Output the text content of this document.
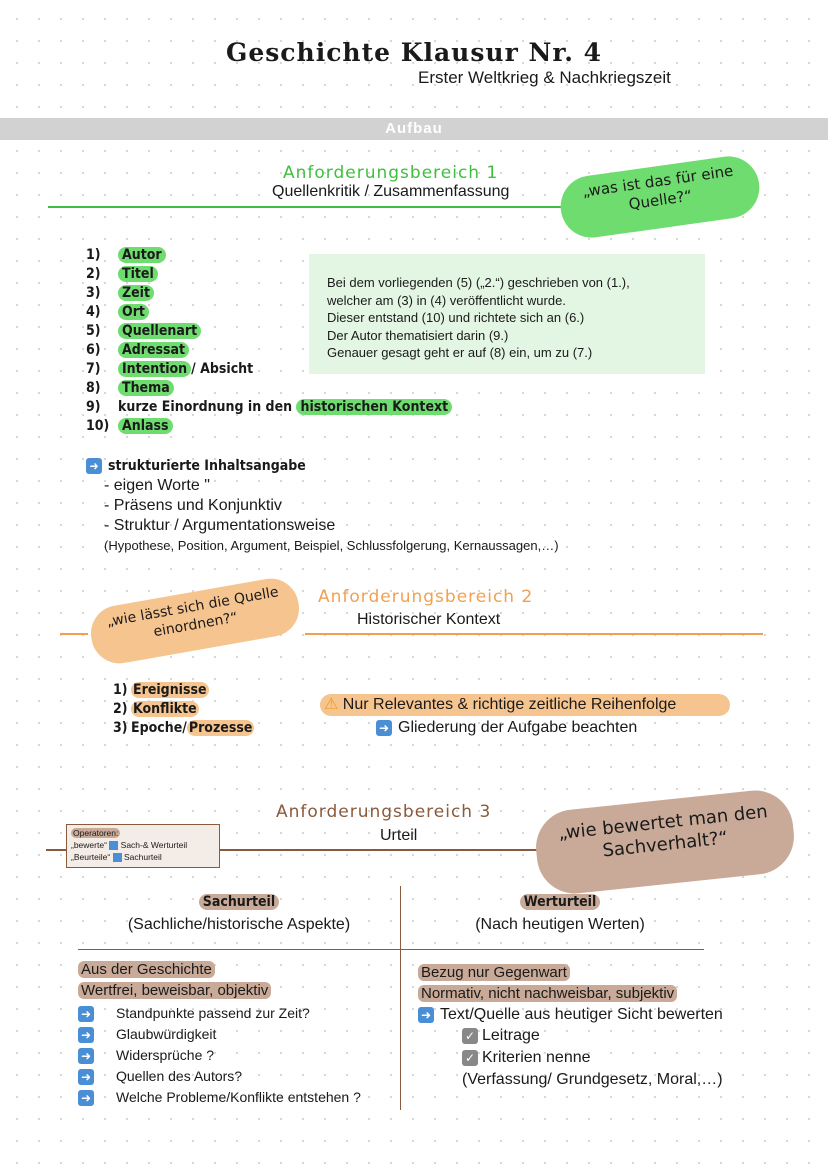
Geschichte Klausur Nr. 4
Erster Weltkrieg & Nachkriegszeit
Aufbau
Anforderungsbereich 1
Quellenkritik / Zusammenfassung	„was ist das für eine Quelle?“
1) Autor
2) Titel
3) Zeit
4) Ort
5) Quellenart
6) Adressat
7) Intention / Absicht
8) Thema
9) kurze Einordnung in den historischen Kontext
10) Anlass
Bei dem vorliegenden (5) („2.“) geschrieben von (1.),
welcher am (3) in (4) veröffentlicht wurde.
Dieser entstand (10) und richtete sich an (6.)
Der Autor thematisiert darin (9.)
Genauer gesagt geht er auf (8) ein, um zu (7.)
➜ strukturierte Inhaltsangabe
- eigen Worte "
- Präsens und Konjunktiv
- Struktur / Argumentationsweise
(Hypothese, Position, Argument, Beispiel, Schlussfolgerung, Kernaussagen,…)
Anforderungsbereich 2
Historischer Kontext
„wie lässt sich die Quelle einordnen?“
1) Ereignisse
2) Konflikte
3) Epoche/ Prozesse
⚠ Nur Relevantes & richtige zeitliche Reihenfolge
➜ Gliederung der Aufgabe beachten
Anforderungsbereich 3
Urteil	„wie bewertet man den Sachverhalt?“
Operatoren:
„bewerte“ Sach-& Werturteil
„Beurteile“ Sachurteil
Sachurteil
(Sachliche/historische Aspekte)
Werturteil
(Nach heutigen Werten)
Aus der Geschichte
Wertfrei, beweisbar, objektiv
➜ Standpunkte passend zur Zeit?
➜ Glaubwürdigkeit
➜ Widersprüche ?
➜ Quellen des Autors?
➜ Welche Probleme/Konflikte entstehen ?
Bezug nur Gegenwart
Normativ, nicht nachweisbar, subjektiv
➜ Text/Quelle aus heutiger Sicht bewerten
✓ Leitrage
✓ Kriterien nenne
(Verfassung/ Grundgesetz, Moral,…)
